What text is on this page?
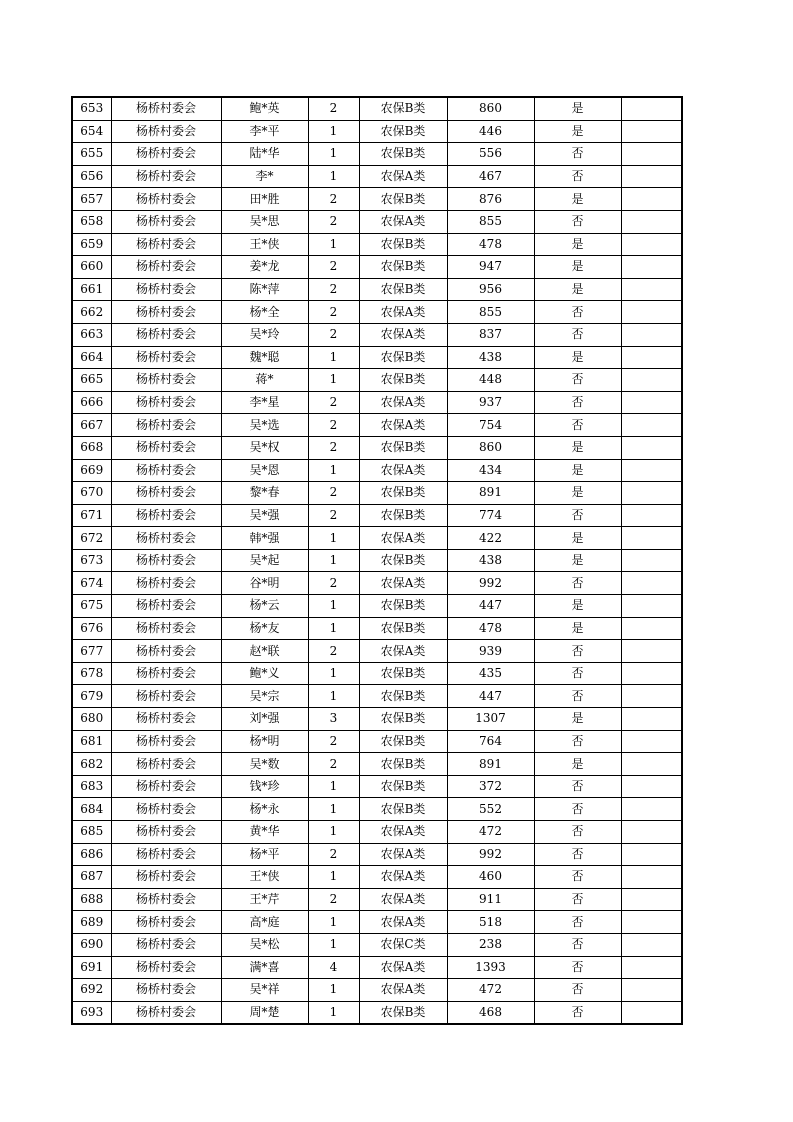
653	杨桥村委会	鲍*英	2	农保B类	860	是	
654	杨桥村委会	李*平	1	农保B类	446	是	
655	杨桥村委会	陆*华	1	农保B类	556	否	
656	杨桥村委会	李*	1	农保A类	467	否	
657	杨桥村委会	田*胜	2	农保B类	876	是	
658	杨桥村委会	吴*思	2	农保A类	855	否	
659	杨桥村委会	王*侠	1	农保B类	478	是	
660	杨桥村委会	姜*龙	2	农保B类	947	是	
661	杨桥村委会	陈*萍	2	农保B类	956	是	
662	杨桥村委会	杨*全	2	农保A类	855	否	
663	杨桥村委会	吴*玲	2	农保A类	837	否	
664	杨桥村委会	魏*聪	1	农保B类	438	是	
665	杨桥村委会	蒋*	1	农保B类	448	否	
666	杨桥村委会	李*星	2	农保A类	937	否	
667	杨桥村委会	吴*选	2	农保A类	754	否	
668	杨桥村委会	吴*权	2	农保B类	860	是	
669	杨桥村委会	吴*恩	1	农保A类	434	是	
670	杨桥村委会	黎*春	2	农保B类	891	是	
671	杨桥村委会	吴*强	2	农保B类	774	否	
672	杨桥村委会	韩*强	1	农保A类	422	是	
673	杨桥村委会	吴*起	1	农保B类	438	是	
674	杨桥村委会	谷*明	2	农保A类	992	否	
675	杨桥村委会	杨*云	1	农保B类	447	是	
676	杨桥村委会	杨*友	1	农保B类	478	是	
677	杨桥村委会	赵*联	2	农保A类	939	否	
678	杨桥村委会	鲍*义	1	农保B类	435	否	
679	杨桥村委会	吴*宗	1	农保B类	447	否	
680	杨桥村委会	刘*强	3	农保B类	1307	是	
681	杨桥村委会	杨*明	2	农保B类	764	否	
682	杨桥村委会	吴*数	2	农保B类	891	是	
683	杨桥村委会	钱*珍	1	农保B类	372	否	
684	杨桥村委会	杨*永	1	农保B类	552	否	
685	杨桥村委会	黄*华	1	农保A类	472	否	
686	杨桥村委会	杨*平	2	农保A类	992	否	
687	杨桥村委会	王*侠	1	农保A类	460	否	
688	杨桥村委会	王*芹	2	农保A类	911	否	
689	杨桥村委会	高*庭	1	农保A类	518	否	
690	杨桥村委会	吴*松	1	农保C类	238	否	
691	杨桥村委会	满*喜	4	农保A类	1393	否	
692	杨桥村委会	吴*祥	1	农保A类	472	否	
693	杨桥村委会	周*楚	1	农保B类	468	否	
